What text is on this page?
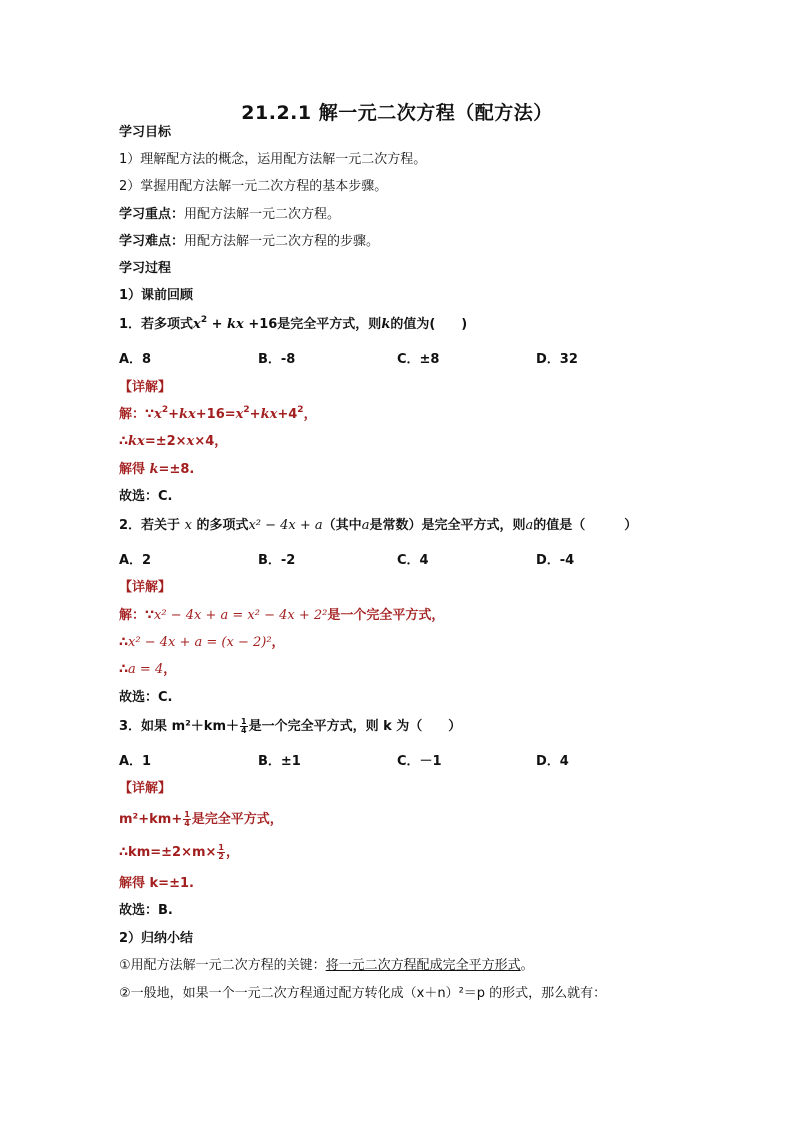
21.2.1 解一元二次方程（配方法）
学习目标
1）理解配方法的概念，运用配方法解一元二次方程。
2）掌握用配方法解一元二次方程的基本步骤。
学习重点：用配方法解一元二次方程。
学习难点：用配方法解一元二次方程的步骤。
学习过程
1）课前回顾
1．若多项式$x^2$ + kx +16是完全平方式，则k的值为(　　)
A．8	B．-8	C．±8	D．32
【详解】
解：$\because x^2+kx+16=x^2+kx+4^2$，
∴kx=±2×x×4，
解得 k=±8.
故选：C.
2．若关于 x 的多项式x² − 4x + a（其中a是常数）是完全平方式，则a的值是（　　　）
A．2	B．-2	C．4	D．-4
【详解】
解：∵x² − 4x + a = x² − 4x + 2²是一个完全平方式，
∴x² − 4x + a = (x − 2)²，
∴a = 4，
故选：C.
3．如果 $m^2+km+ \frac{1}{4}$ 是一个完全平方式，则 k 为（　　）
A．1	B．±1	C．－1	D．4
【详解】
$m^2+km+ \frac{1}{4}$ 是完全平方式，
∴km=±2×m× $\frac{1}{2}$ ，
解得 k=±1.
故选：B.
2）归纳小结
①用配方法解一元二次方程的关键：将一元二次方程配成完全平方形式。
②一般地，如果一个一元二次方程通过配方转化成（x＋n）²＝p 的形式，那么就有：
